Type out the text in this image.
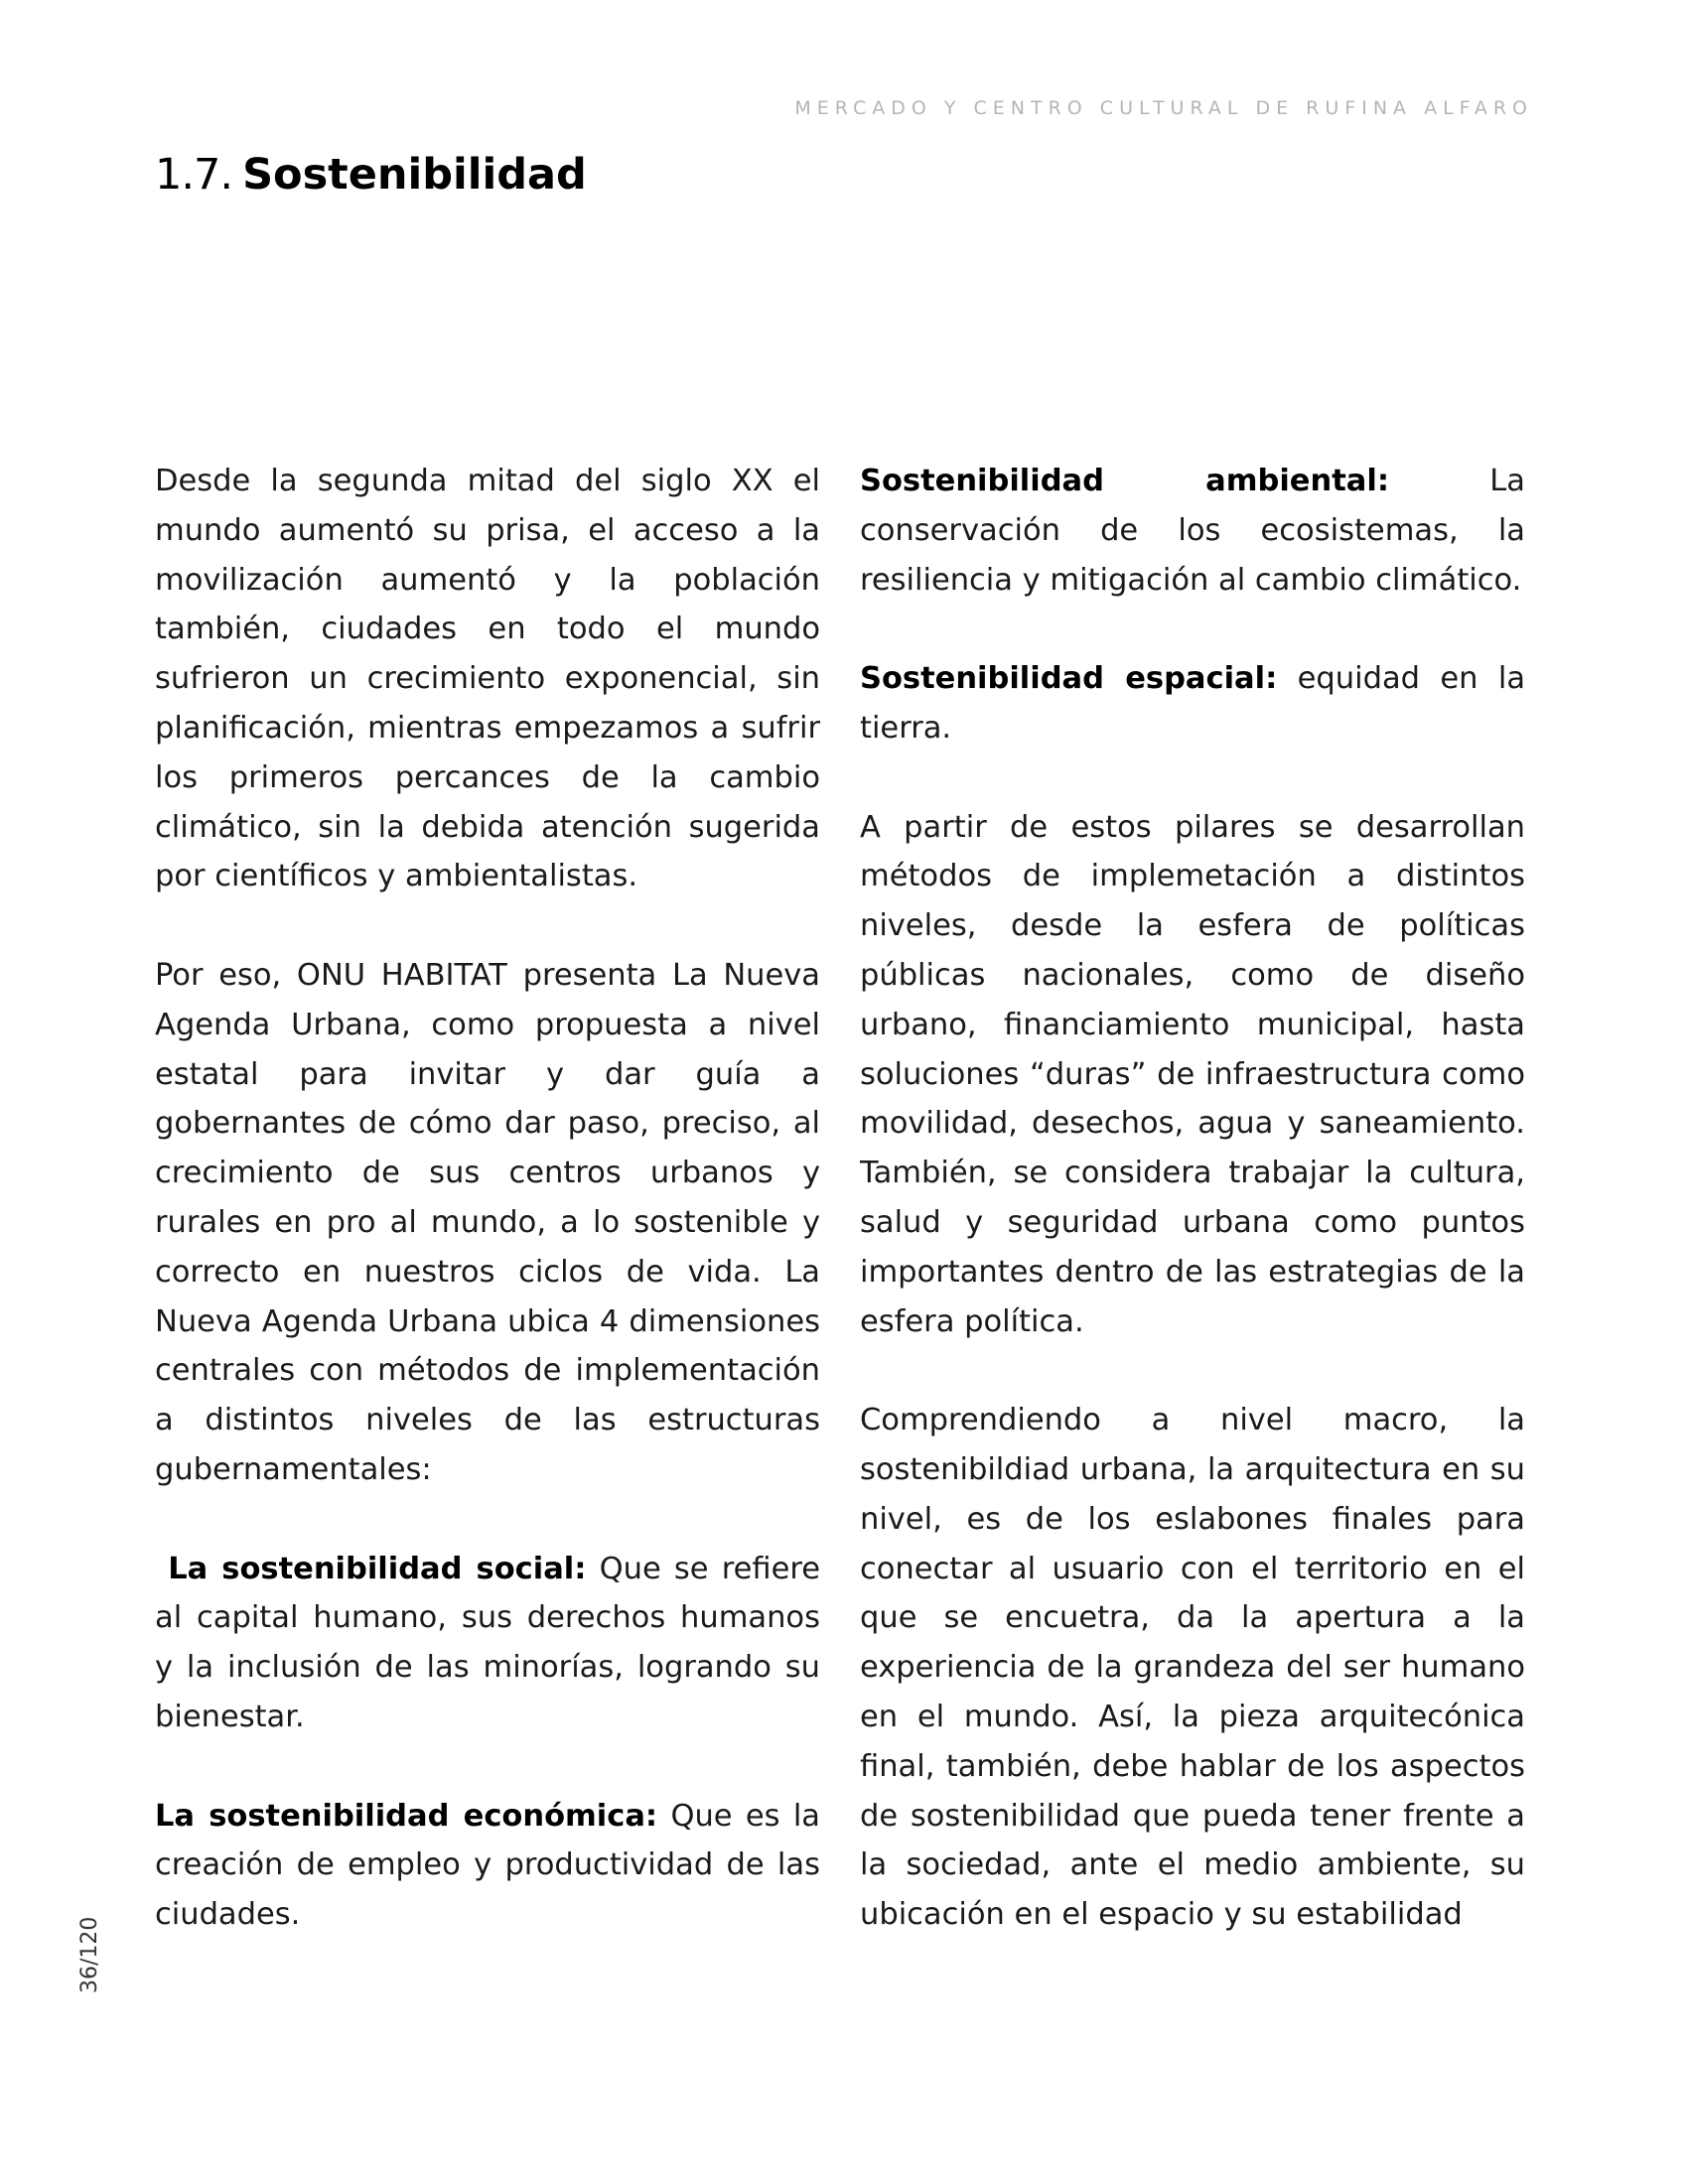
MERCADO Y CENTRO CULTURAL DE RUFINA ALFARO
1.7. Sostenibilidad

Desde la segunda mitad del siglo XX el mundo aumentó su prisa, el acceso a la movilización aumentó y la población también, ciudades en todo el mundo sufrieron un crecimiento exponencial, sin planificación, mientras empezamos a sufrir los primeros percances de la cambio climático, sin la debida atención sugerida por científicos y ambientalistas.

Por eso, ONU HABITAT presenta La Nueva Agenda Urbana, como propuesta a nivel estatal para invitar y dar guía a gobernantes de cómo dar paso, preciso, al crecimiento de sus centros urbanos y rurales en pro al mundo, a lo sostenible y correcto en nuestros ciclos de vida. La Nueva Agenda Urbana ubica 4 dimensiones centrales con métodos de implementación a distintos niveles de las estructuras gubernamentales:

La sostenibilidad social: Que se refiere al capital humano, sus derechos humanos y la inclusión de las minorías, logrando su bienestar.

La sostenibilidad económica: Que es la creación de empleo y productividad de las ciudades.

Sostenibilidad ambiental: La conservación de los ecosistemas, la resiliencia y mitigación al cambio climático.

Sostenibilidad espacial: equidad en la tierra.

A partir de estos pilares se desarrollan métodos de implemetación a distintos niveles, desde la esfera de políticas públicas nacionales, como de diseño urbano, financiamiento municipal, hasta soluciones “duras” de infraestructura como movilidad, desechos, agua y saneamiento. También, se considera trabajar la cultura, salud y seguridad urbana como puntos importantes dentro de las estrategias de la esfera política.

Comprendiendo a nivel macro, la sostenibildiad urbana, la arquitectura en su nivel, es de los eslabones finales para conectar al usuario con el territorio en el que se encuetra, da la apertura a la experiencia de la grandeza del ser humano en el mundo. Así, la pieza arquitecónica final, también, debe hablar de los aspectos de sostenibilidad que pueda tener frente a la sociedad, ante el medio ambiente, su ubicación en el espacio y su estabilidad

36/120
